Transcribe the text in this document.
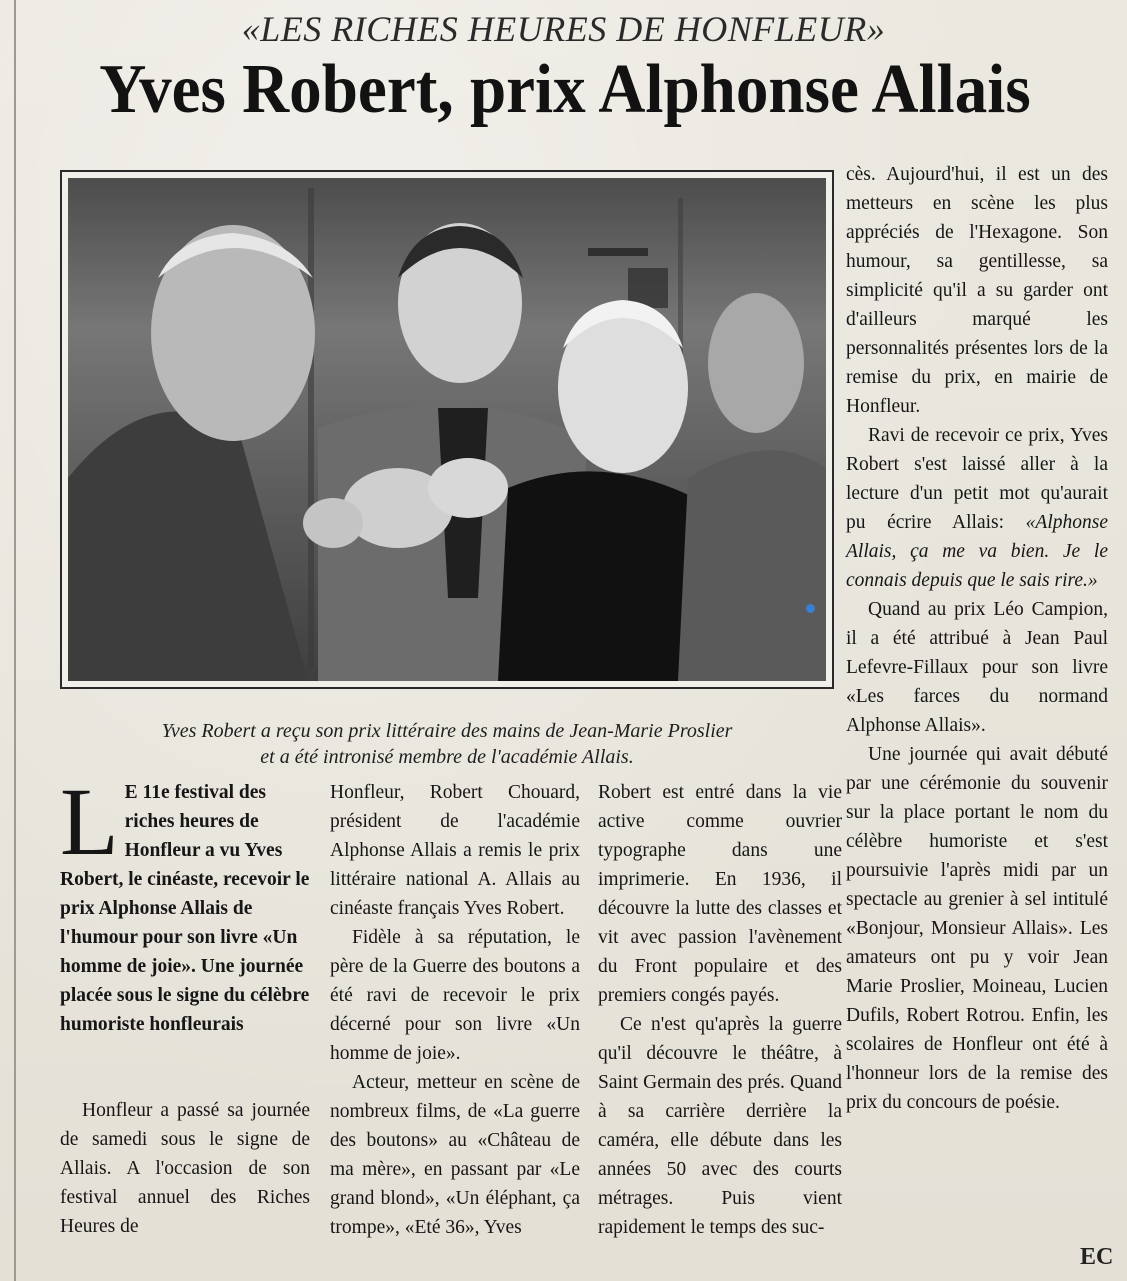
«LES RICHES HEURES DE HONFLEUR»
Yves Robert, prix Alphonse Allais
Yves Robert a reçu son prix littéraire des mains de Jean-Marie Proslier
et a été intronisé membre de l'académie Allais.

cès. Aujourd'hui, il est un des metteurs en scène les plus appréciés de l'Hexagone. Son humour, sa gentillesse, sa simplicité qu'il a su garder ont d'ailleurs marqué les personnalités présentes lors de la remise du prix, en mairie de Honfleur.

Ravi de recevoir ce prix, Yves Robert s'est laissé aller à la lecture d'un petit mot qu'aurait pu écrire Allais: «Alphonse Allais, ça me va bien. Je le connais depuis que le sais rire.»

Quand au prix Léo Campion, il a été attribué à Jean Paul Lefevre-Fillaux pour son livre «Les farces du normand Alphonse Allais».

Une journée qui avait débuté par une cérémonie du souvenir sur la place portant le nom du célèbre humoriste et s'est poursuivie l'après midi par un spectacle au grenier à sel intitulé «Bonjour, Monsieur Allais». Les amateurs ont pu y voir Jean Marie Proslier, Moineau, Lucien Dufils, Robert Rotrou. Enfin, les scolaires de Honfleur ont été à l'honneur lors de la remise des prix du concours de poésie.

L E 11e festival des riches heures de Honfleur a vu Yves Robert, le cinéaste, recevoir le prix Alphonse Allais de l'humour pour son livre «Un homme de joie». Une journée placée sous le signe du célèbre humoriste honfleurais

Honfleur a passé sa journée de samedi sous le signe de Allais. A l'occasion de son festival annuel des Riches Heures de

Honfleur, Robert Chouard, président de l'académie Alphonse Allais a remis le prix littéraire national A. Allais au cinéaste français Yves Robert.

Fidèle à sa réputation, le père de la Guerre des boutons a été ravi de recevoir le prix décerné pour son livre «Un homme de joie».

Acteur, metteur en scène de nombreux films, de «La guerre des boutons» au «Château de ma mère», en passant par «Le grand blond», «Un éléphant, ça trompe», «Eté 36», Yves

Robert est entré dans la vie active comme ouvrier typographe dans une imprimerie. En 1936, il découvre la lutte des classes et vit avec passion l'avènement du Front populaire et des premiers congés payés.

Ce n'est qu'après la guerre qu'il découvre le théâtre, à Saint Germain des prés. Quand à sa carrière derrière la caméra, elle débute dans les années 50 avec des courts métrages. Puis vient rapidement le temps des suc-

EC
